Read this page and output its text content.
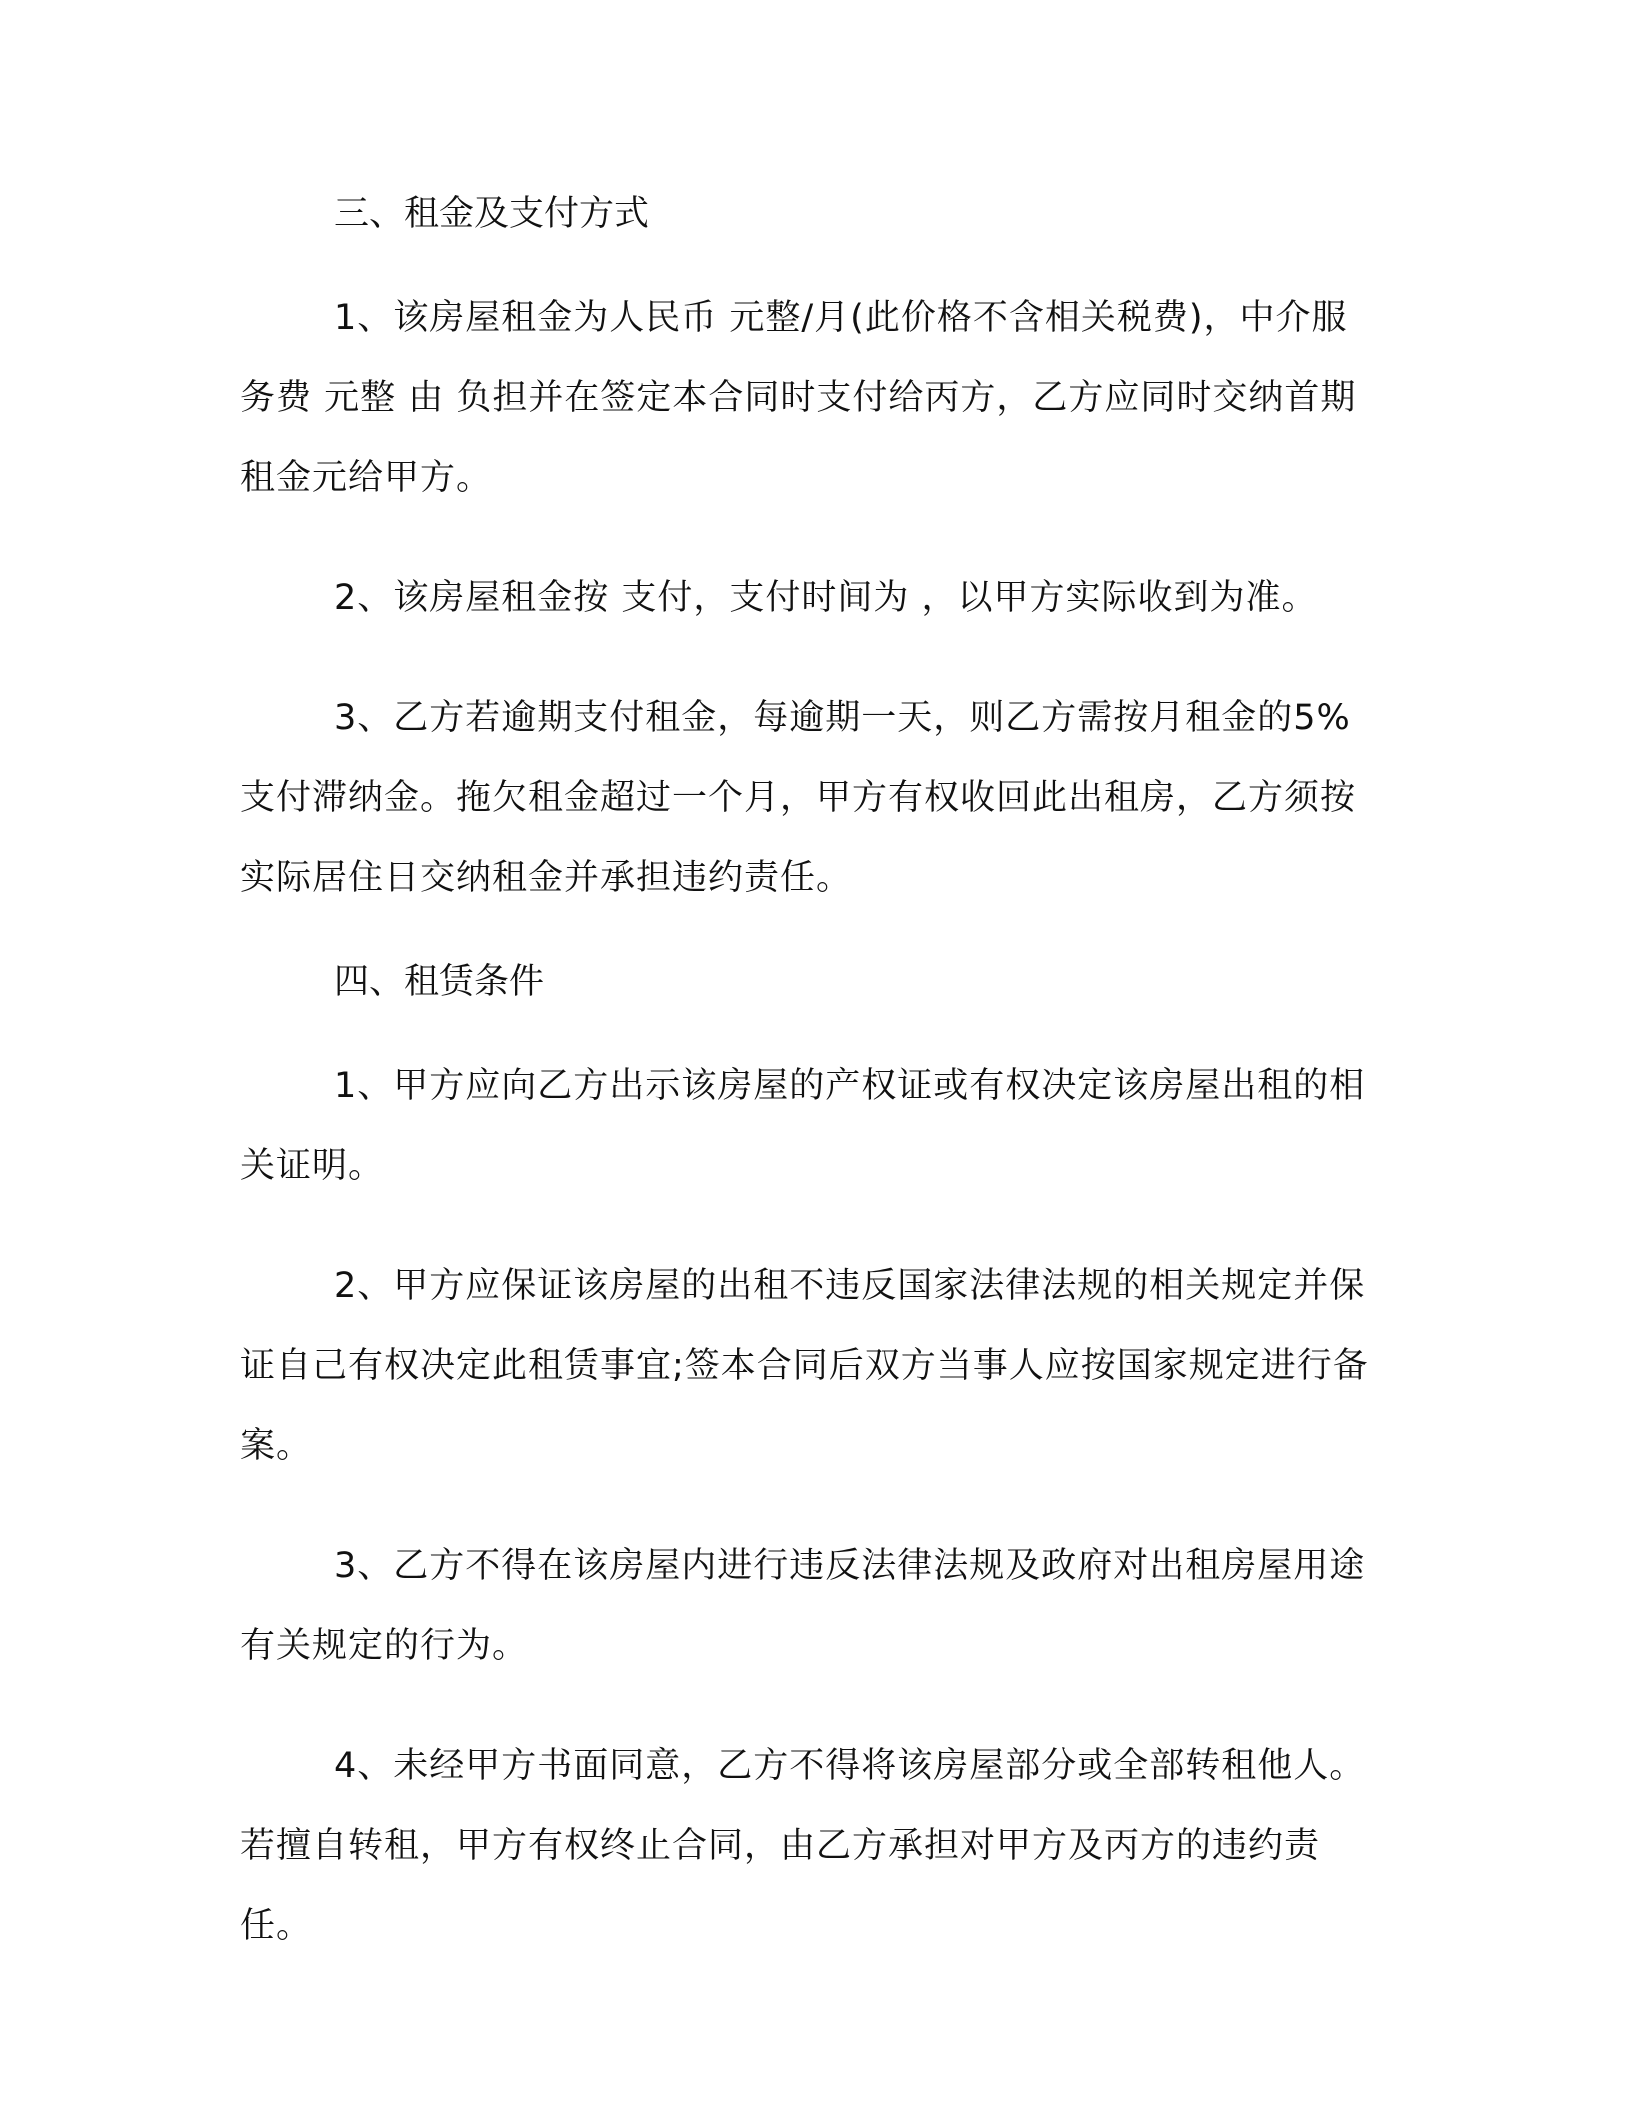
三、租金及支付方式

1、该房屋租金为人民币 元整/月(此价格不含相关税费)，中介服务费 元整 由 负担并在签定本合同时支付给丙方，乙方应同时交纳首期租金元给甲方。

2、该房屋租金按 支付，支付时间为 ，以甲方实际收到为准。

3、乙方若逾期支付租金，每逾期一天，则乙方需按月租金的5%支付滞纳金。拖欠租金超过一个月，甲方有权收回此出租房，乙方须按实际居住日交纳租金并承担违约责任。

四、租赁条件

1、甲方应向乙方出示该房屋的产权证或有权决定该房屋出租的相关证明。

2、甲方应保证该房屋的出租不违反国家法律法规的相关规定并保证自己有权决定此租赁事宜;签本合同后双方当事人应按国家规定进行备案。

3、乙方不得在该房屋内进行违反法律法规及政府对出租房屋用途有关规定的行为。

4、未经甲方书面同意，乙方不得将该房屋部分或全部转租他人。若擅自转租，甲方有权终止合同，由乙方承担对甲方及丙方的违约责任。
